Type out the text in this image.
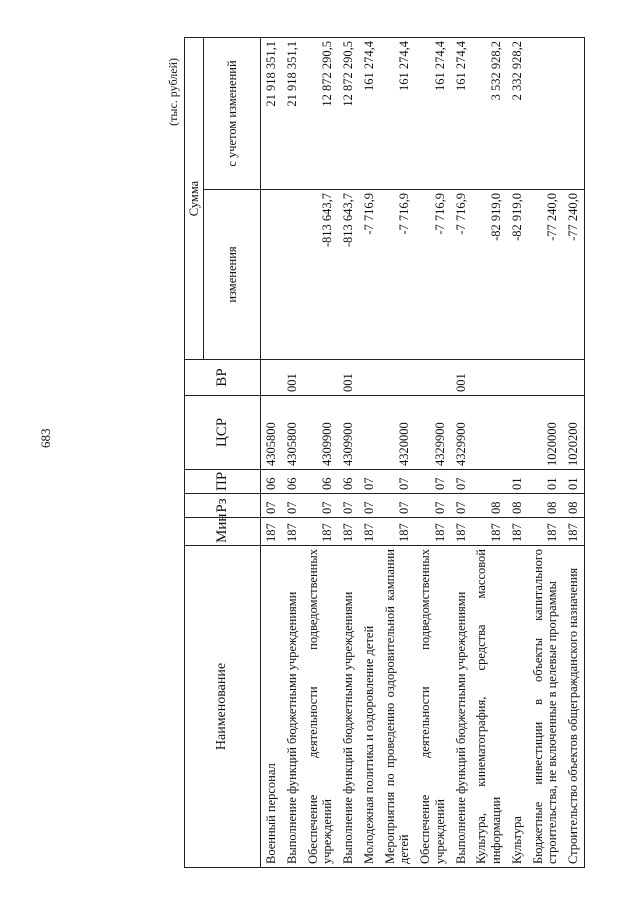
683
(тыс. рублей)
Наименование	Мин	Рз	ПР	ЦСР	ВР	Сумма	
						изменения	с учетом изменений
Военный персонал	187	07	06	4305800			21 918 351,1
Выполнение функций бюджетными учреждениями	187	07	06	4305800	001		21 918 351,1
Обеспечение деятельности подведомственных учреждений	187	07	06	4309900		-813 643,7	12 872 290,5
Выполнение функций бюджетными учреждениями	187	07	06	4309900	001	-813 643,7	12 872 290,5
Молодежная политика и оздоровление детей	187	07	07			-7 716,9	161 274,4
Мероприятия по проведению оздоровительной кампании детей	187	07	07	4320000		-7 716,9	161 274,4
Обеспечение деятельности подведомственных учреждений	187	07	07	4329900		-7 716,9	161 274,4
Выполнение функций бюджетными учреждениями	187	07	07	4329900	001	-7 716,9	161 274,4
Культура, кинематография, средства массовой информации	187	08				-82 919,0	3 532 928,2
Культура	187	08	01			-82 919,0	2 332 928,2
Бюджетные инвестиции в объекты капитального строительства, не включенные в целевые программы	187	08	01	1020000		-77 240,0	
Строительство объектов общегражданского назначения	187	08	01	1020200		-77 240,0	
